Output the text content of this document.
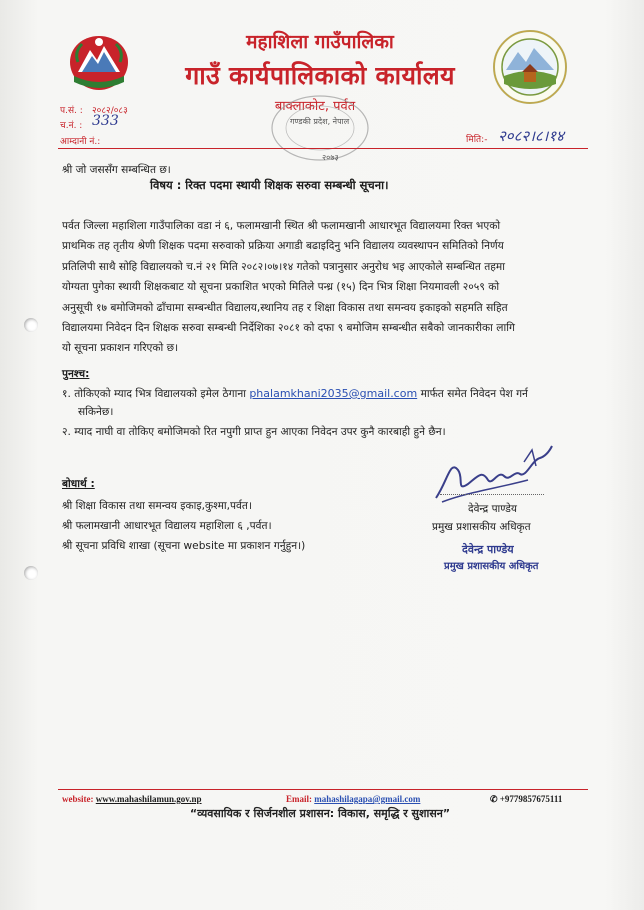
महाशिला गाउँपालिका
गाउँ कार्यपालिकाको कार्यालय
बाक्लाकोट, पर्वत
गण्डकी प्रदेश, नेपाल
२०७३
प.सं. : २०८२/०८३
च.नं. : 333
आम्दानी नं.:	मिति:- २०८२।८।१४
श्री जो जससँग सम्बन्धित छ।
विषय : रिक्त पदमा स्थायी शिक्षक सरुवा सम्बन्धी सूचना।
पर्वत जिल्ला महाशिला गाउँपालिका वडा नं ६, फलामखानी स्थित श्री फलामखानी आधारभूत विद्यालयमा रिक्त भएको
प्राथमिक तह तृतीय श्रेणी शिक्षक पदमा सरुवाको प्रक्रिया अगाडी बढाइदिनु भनि विद्यालय व्यवस्थापन समितिको निर्णय
प्रतिलिपी साथै सोहि विद्यालयको च.नं २१ मिति २०८२।०७।१४ गतेको पत्रानुसार अनुरोध भइ आएकोले सम्बन्धित तहमा
योग्यता पुगेका स्थायी शिक्षकबाट यो सूचना प्रकाशित भएको मितिले पन्ध्र (१५) दिन भित्र शिक्षा नियमावली २०५९ को
अनुसूची १७ बमोजिमको ढाँचामा सम्बन्धीत विद्यालय,स्थानिय तह र शिक्षा विकास तथा समन्वय इकाइको सहमति सहित
विद्यालयमा निवेदन दिन शिक्षक सरुवा सम्बन्धी निर्देशिका २०८१ को दफा ९ बमोजिम सम्बन्धीत सबैको जानकारीका लागि
यो सूचना प्रकाशन गरिएको छ।
पुनश्च:
१. तोकिएको म्याद भित्र विद्यालयको इमेल ठेगाना phalamkhani2035@gmail.com मार्फत समेत निवेदन पेश गर्न
सकिनेछ।
२. म्याद नाघी वा तोकिए बमोजिमको रित नपुगी प्राप्त हुन आएका निवेदन उपर कुनै कारबाही हुने छैन।
बोधार्थ :
श्री शिक्षा विकास तथा समन्वय इकाइ,कुश्मा,पर्वत।
श्री फलामखानी आधारभूत विद्यालय महाशिला ६ ,पर्वत।
श्री सूचना प्रविधि शाखा (सूचना website मा प्रकाशन गर्नुहुन।)
देवेन्द्र पाण्डेय
प्रमुख प्रशासकीय अधिकृत
देवेन्द्र पाण्डेय
प्रमुख प्रशासकीय अधिकृत
website: www.mahashilamun.gov.np	Email: mahashilagapa@gmail.com	✆ +9779857675111
“व्यवसायिक र सिर्जनशील प्रशासन: विकास, समृद्धि र सुशासन”
